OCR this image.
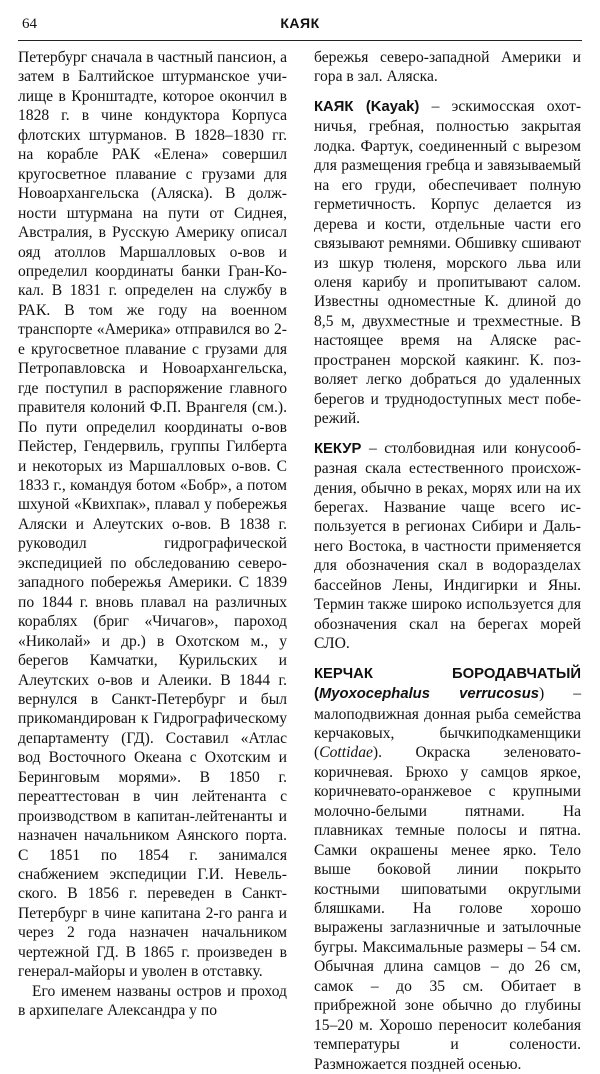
64	КАЯК

Петербург сначала в частный пансион, а затем в Балтийское штурманское училище в Кронштадте, которое окончил в 1828 г. в чине кондуктора Корпуса флотских штурманов. В 1828–1830 гг. на корабле РАК «Елена» совершил кругосветное плавание с грузами для Новоархангельска (Аляска). В должности штурмана на пути от Сиднея, Австралия, в Русскую Америку описал ояд атоллов Маршалловых о-вов и определил координаты банки Гран-Кокал. В 1831 г. определен на службу в РАК. В том же году на военном транспорте «Америка» отправился во 2-е кругосветное плавание с грузами для Петропавловска и Новоархангельска, где поступил в распоряжение главного правителя колоний Ф.П. Врангеля (см.). По пути определил координаты о-вов Пейстер, Гендервиль, группы Гилберта и некоторых из Маршалловых о-вов. С 1833 г., командуя ботом «Бобр», а потом шхуной «Квихпак», плавал у побережья Аляски и Алеутских о-вов. В 1838 г. руководил гидрографической экспедицией по обследованию северо-западного побережья Америки. С 1839 по 1844 г. вновь плавал на различных кораблях (бриг «Чичагов», пароход «Николай» и др.) в Охотском м., у берегов Камчатки, Курильских и Алеутских о-вов и Алеики. В 1844 г. вернулся в Санкт-Петербург и был прикомандирован к Гидрографическому департаменту (ГД). Составил «Атлас вод Восточного Океана с Охотским и Беринговым морями». В 1850 г. переаттестован в чин лейтенанта с производством в капитан-лейтенанты и назначен начальником Аянского порта. С 1851 по 1854 г. занимался снабжением экспедиции Г.И. Невельского. В 1856 г. переведен в Санкт-Петербург в чине капитана 2-го ранга и через 2 года назначен начальником чертежной ГД. В 1865 г. произведен в генерал-майоры и уволен в отставку.

Его именем названы остров и проход в архипелаге Александра у по

бережья северо-западной Америки и гора в зал. Аляска.

КАЯК (Kayak) – эскимосская охотничья, гребная, полностью закрытая лодка. Фартук, соединенный с вырезом для размещения гребца и завязываемый на его груди, обеспечивает полную герметичность. Корпус делается из дерева и кости, отдельные части его связывают ремнями. Обшивку сшивают из шкур тюленя, морского льва или оленя карибу и пропитывают салом. Известны одноместные К. длиной до 8,5 м, двухместные и трехместные. В настоящее время на Аляске распространен морской каякинг. К. позволяет легко добраться до удаленных берегов и труднодоступных мест побережий.

КЕКУР – столбовидная или конусообразная скала естественного происхождения, обычно в реках, морях или на их берегах. Название чаще всего используется в регионах Сибири и Дальнего Востока, в частности применяется для обозначения скал в водоразделах бассейнов Лены, Индигирки и Яны. Термин также широко используется для обозначения скал на берегах морей СЛО.

КЕРЧАК БОРОДАВЧАТЫЙ (Myoxocephalus verrucosus) – малоподвижная донная рыба семейства керчаковых, бычкиподкаменщики (Cottidae). Окраска зеленовато-коричневая. Брюхо у самцов яркое, коричневато-оранжевое с крупными молочно-белыми пятнами. На плавниках темные полосы и пятна. Самки окрашены менее ярко. Тело выше боковой линии покрыто костными шиповатыми округлыми бляшками. На голове хорошо выражены заглазничные и затылочные бугры. Максимальные размеры – 54 см. Обычная длина самцов – до 26 см, самок – до 35 см. Обитает в прибрежной зоне обычно до глубины 15–20 м. Хорошо переносит колебания температуры и солености. Размножается поздней осенью.
